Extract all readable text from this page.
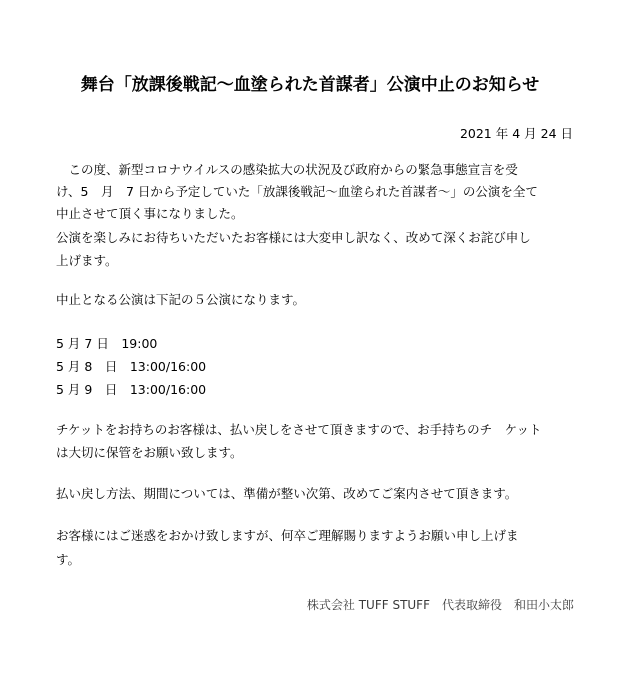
舞台「放課後戦記～血塗られた首謀者」公演中止のお知らせ
2021 年 4 月 24 日
　この度、新型コロナウイルスの感染拡大の状況及び政府からの緊急事態宣言を受
け、5　月　7 日から予定していた「放課後戦記～血塗られた首謀者～」の公演を全て
中止させて頂く事になりました。
公演を楽しみにお待ちいただいたお客様には大変申し訳なく、改めて深くお詫び申し
上げます。
中止となる公演は下記の５公演になります。
5 月 7 日　19:00
5 月 8　日　13:00/16:00
5 月 9　日　13:00/16:00
チケットをお持ちのお客様は、払い戻しをさせて頂きますので、お手持ちのチ　ケット
は大切に保管をお願い致します。
払い戻し方法、期間については、準備が整い次第、改めてご案内させて頂きます。
お客様にはご迷惑をおかけ致しますが、何卒ご理解賜りますようお願い申し上げま
す。
株式会社 TUFF STUFF　代表取締役　和田小太郎
